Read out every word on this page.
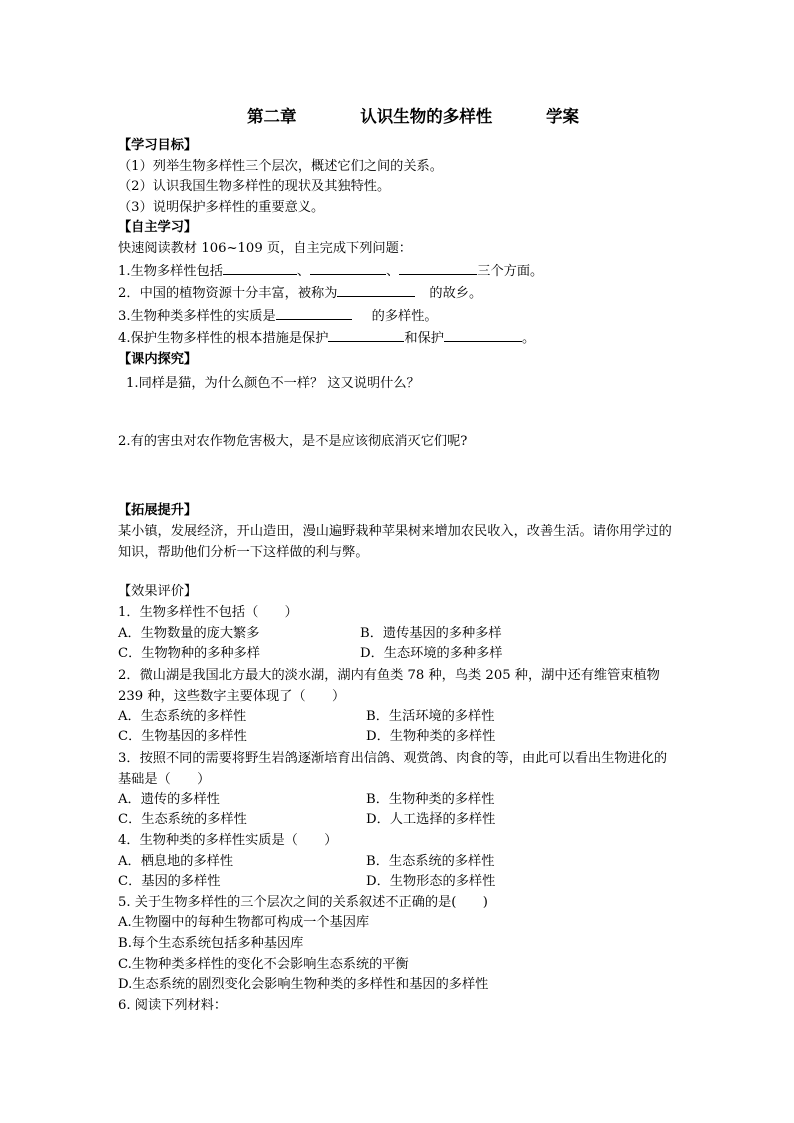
第二章	认识生物的多样性	学案
【学习目标】
（1）列举生物多样性三个层次，概述它们之间的关系。
（2）认识我国生物多样性的现状及其独特性。
（3）说明保护多样性的重要意义。
【自主学习】
快速阅读教材 106~109 页，自主完成下列问题：
1.生物多样性包括	、	、	三个方面。
2．中国的植物资源十分丰富，被称为	的故乡。
3.生物种类多样性的实质是	的多样性。
4.保护生物多样性的根本措施是保护	和保护	。
【课内探究】
1.同样是猫，为什么颜色不一样？ 这又说明什么？
2.有的害虫对农作物危害极大，是不是应该彻底消灭它们呢?
【拓展提升】
某小镇，发展经济，开山造田，漫山遍野栽种苹果树来增加农民收入，改善生活。请你用学过的知识，帮助他们分析一下这样做的利与弊。
【效果评价】
1．生物多样性不包括（　　）
A．生物数量的庞大繁多	B．遗传基因的多种多样
C．生物物种的多种多样	D．生态环境的多种多样
2．微山湖是我国北方最大的淡水湖，湖内有鱼类 78 种，鸟类 205 种，湖中还有维管束植物 239 种，这些数字主要体现了（　　）
A．生态系统的多样性	B．生活环境的多样性
C．生物基因的多样性	D．生物种类的多样性
3．按照不同的需要将野生岩鸽逐渐培育出信鸽、观赏鸽、肉食的等，由此可以看出生物进化的基础是（　　）
A．遗传的多样性	B．生物种类的多样性
C．生态系统的多样性	D．人工选择的多样性
4．生物种类的多样性实质是（　　）
A．栖息地的多样性	B．生态系统的多样性
C．基因的多样性	D．生物形态的多样性
5. 关于生物多样性的三个层次之间的关系叙述不正确的是(　　)
A.生物圈中的每种生物都可构成一个基因库
B.每个生态系统包括多种基因库
C.生物种类多样性的变化不会影响生态系统的平衡
D.生态系统的剧烈变化会影响生物种类的多样性和基因的多样性
6. 阅读下列材料：
